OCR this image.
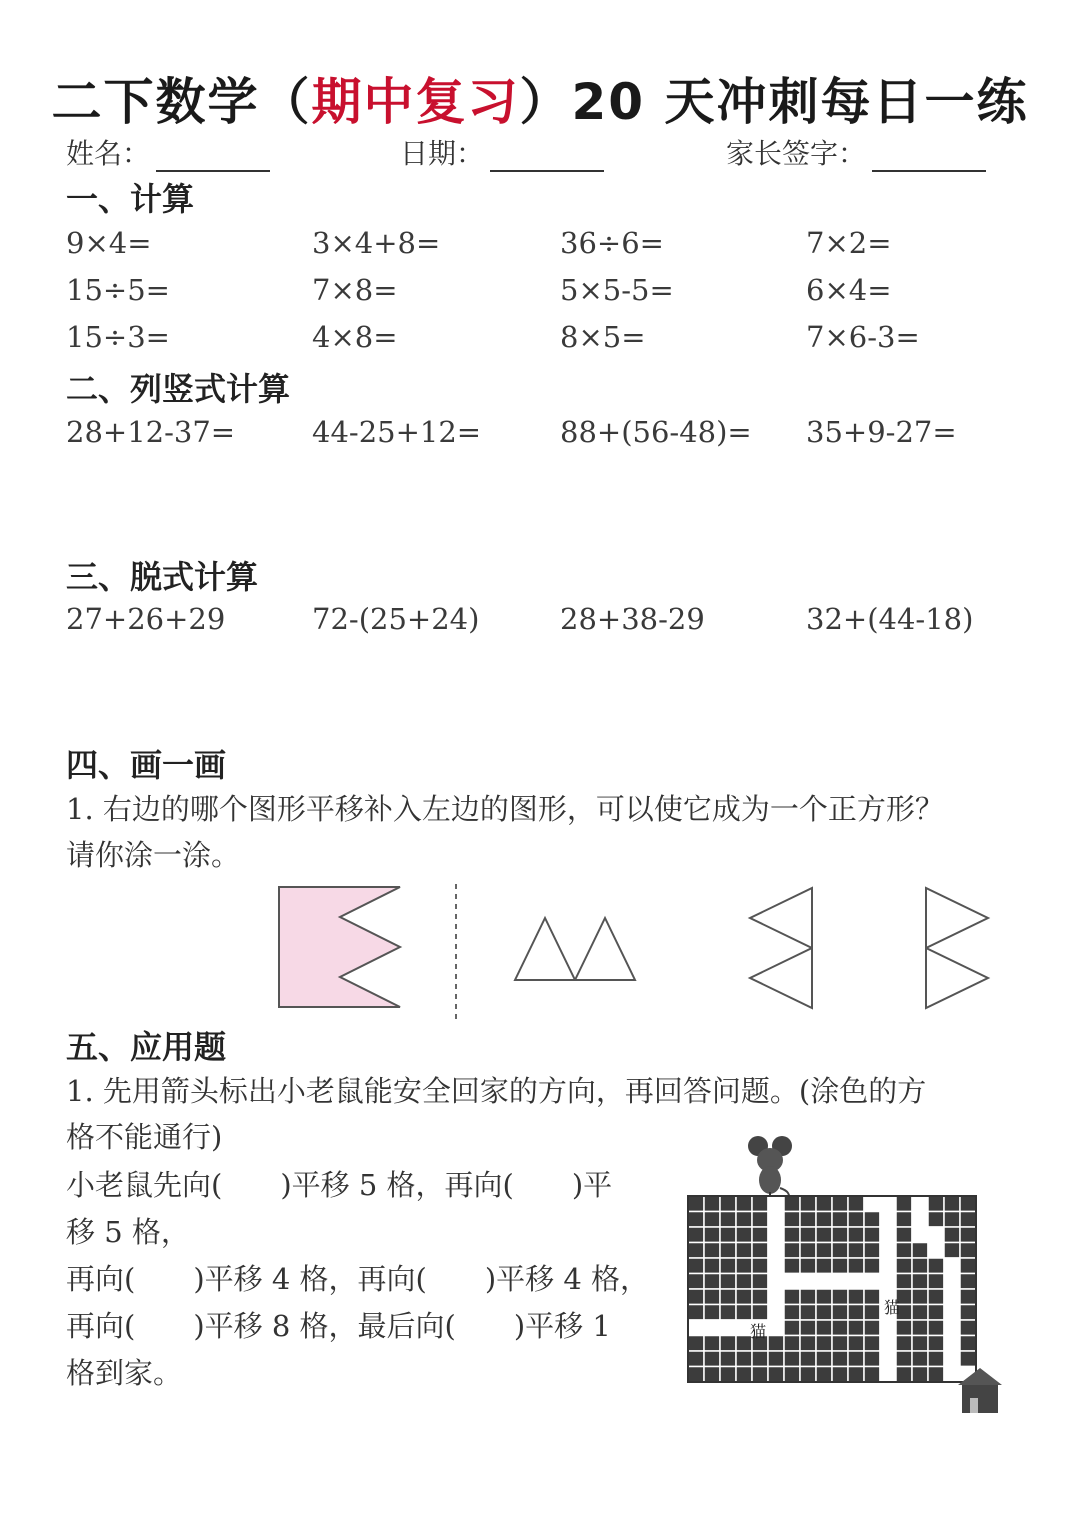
二下数学（期中复习）20 天冲刺每日一练
姓名：	日期：	家长签字：
一、计算
9×4=	3×4+8=	36÷6=	7×2=
15÷5=	7×8=	5×5-5=	6×4=
15÷3=	4×8=	8×5=	7×6-3=
二、列竖式计算
28+12-37=	44-25+12=	88+(56-48)= 35+9-27=
三、脱式计算
27+26+29	72-(25+24)	28+38-29	32+(44-18)
四、画一画
1. 右边的哪个图形平移补入左边的图形，可以使它成为一个正方形？
请你涂一涂。
五、应用题
1. 先用箭头标出小老鼠能安全回家的方向，再回答问题。(涂色的方
格不能通行)
小老鼠先向(　　)平移 5 格，再向(　　)平
移 5 格，
再向(　　)平移 4 格，再向(　　)平移 4 格，
再向(　　)平移 8 格，最后向(　　)平移 1
格到家。
猫
猫
